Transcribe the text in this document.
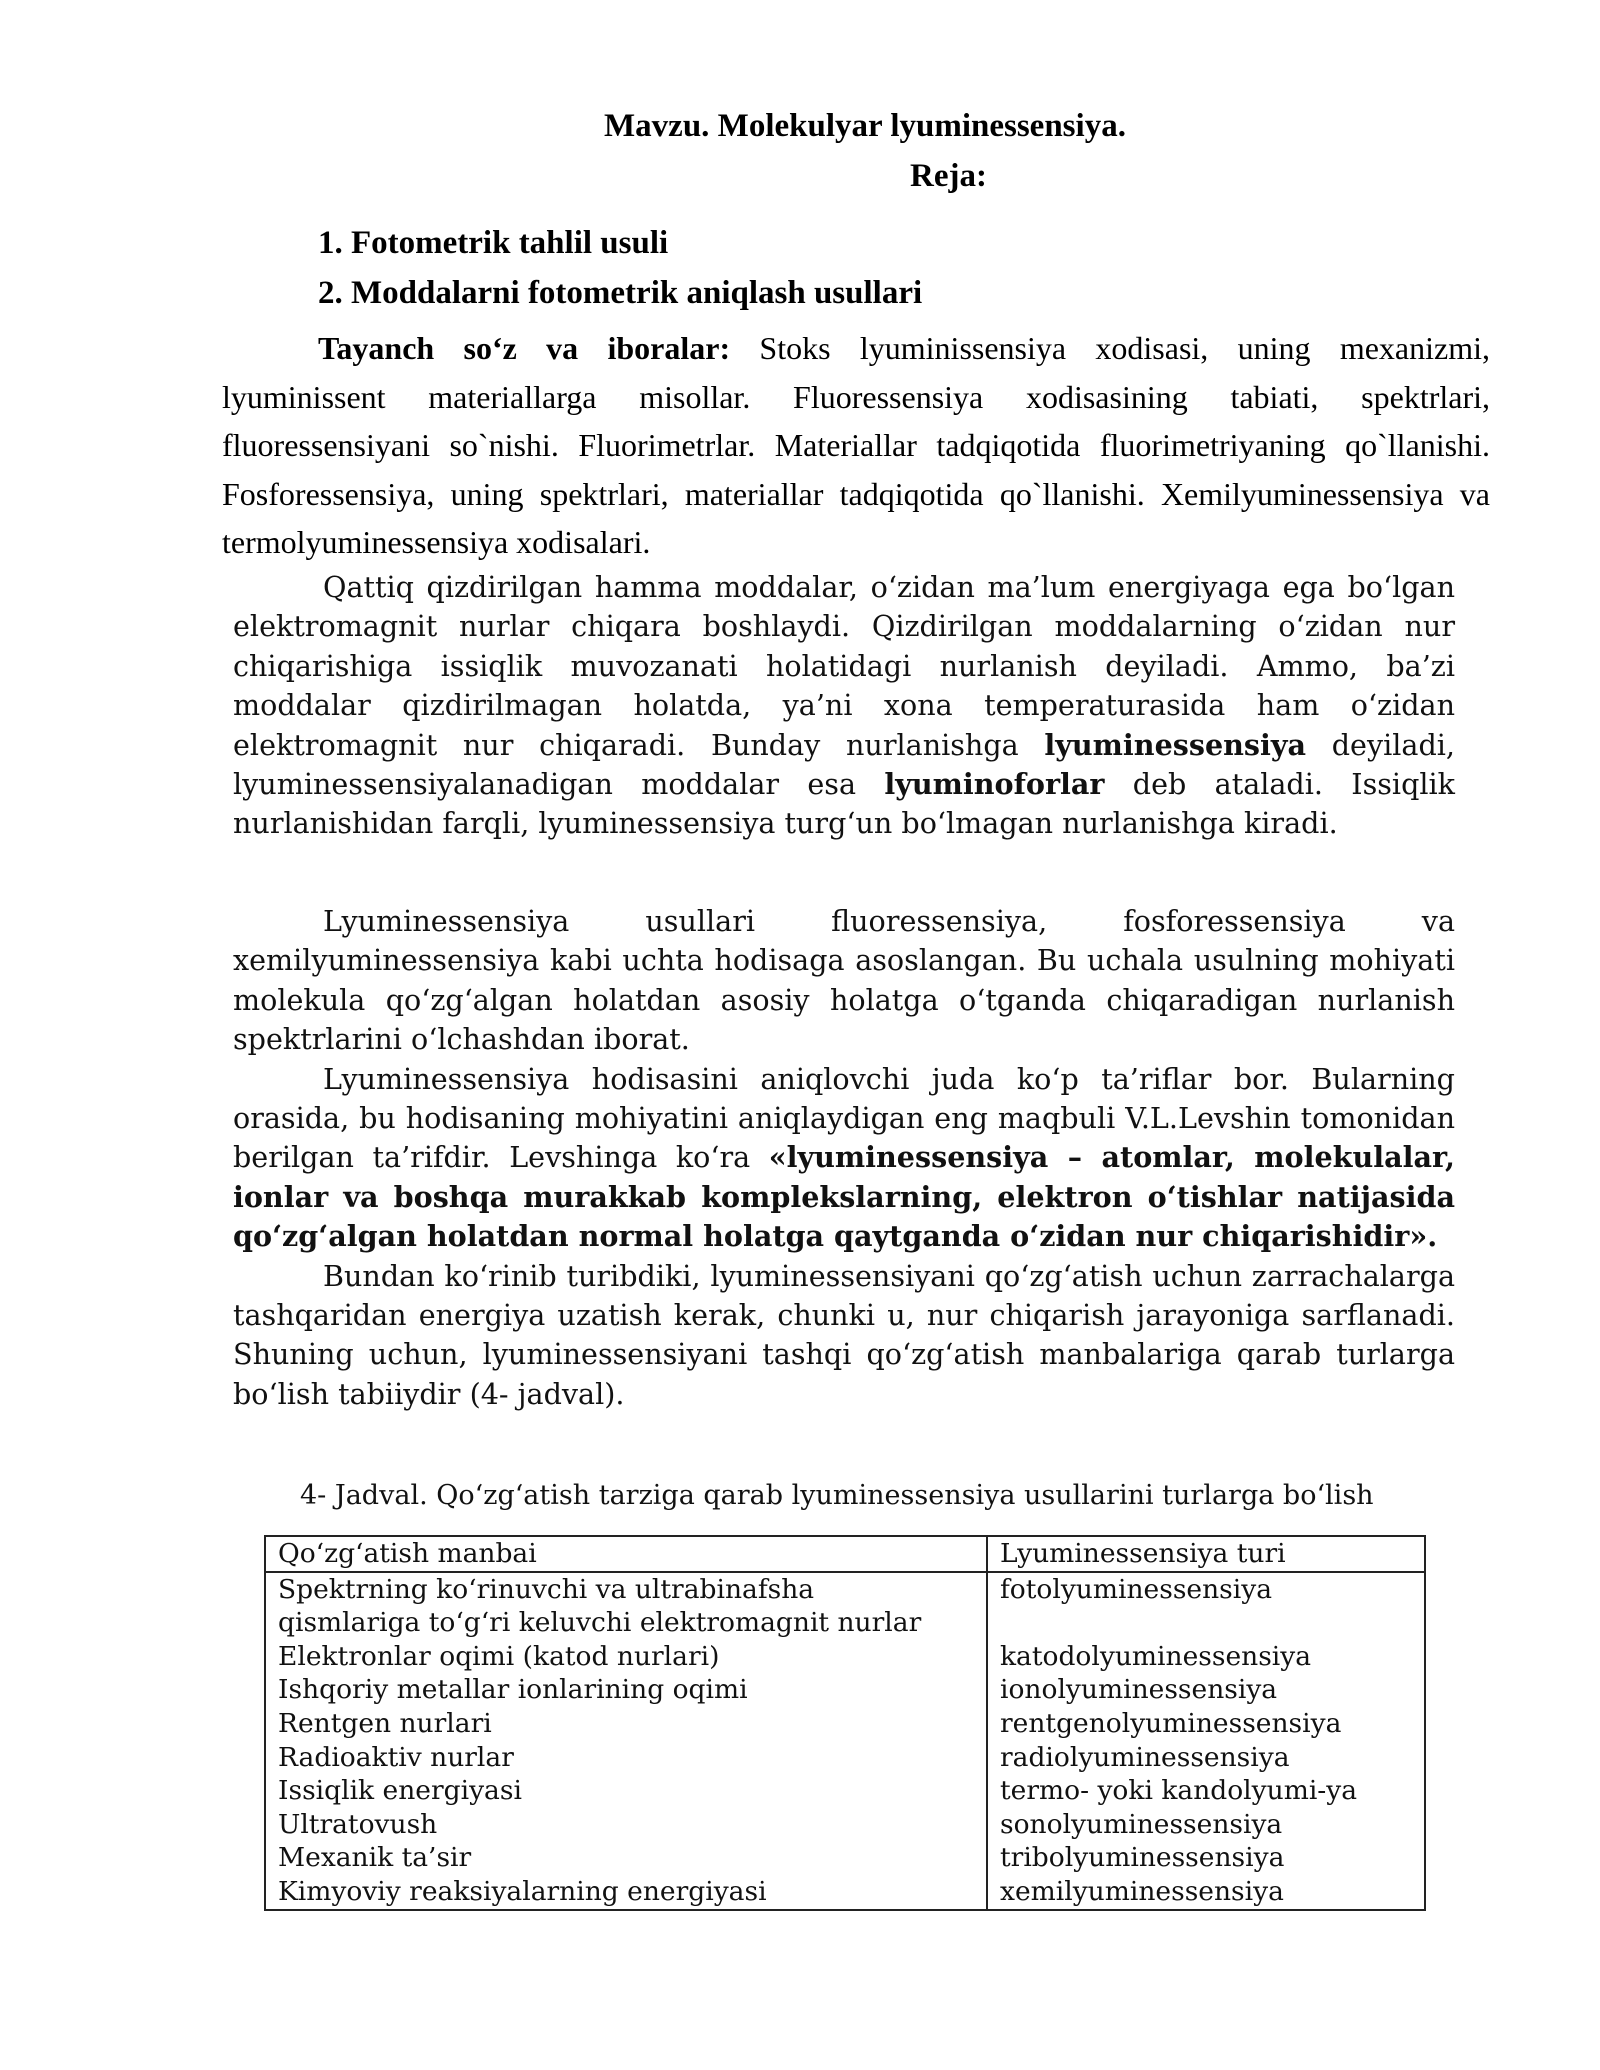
Mavzu. Molekulyar lyuminessensiya.
Reja:
1. Fotometrik tahlil usuli
2. Moddalarni fotometrik aniqlash usullari

Tayanch so‘z va iboralar: Stoks lyuminissensiya xodisasi, uning mexanizmi, lyuminissent materiallarga misollar. Fluoressensiya xodisasining tabiati, spektrlari, fluoressensiyani so`nishi. Fluorimetrlar. Materiallar tadqiqotida fluorimetriyaning qo`llanishi. Fosforessensiya, uning spektrlari, materiallar tadqiqotida qo`llanishi. Xemilyuminessensiya va termolyuminessensiya xodisalari.

Qattiq qizdirilgan hamma moddalar, o‘zidan ma’lum energiyaga ega bo‘lgan elektromagnit nurlar chiqara boshlaydi. Qizdirilgan moddalarning o‘zidan nur chiqarishiga issiqlik muvozanati holatidagi nurlanish deyiladi. Ammo, ba’zi moddalar qizdirilmagan holatda, ya’ni xona temperaturasida ham o‘zidan elektromagnit nur chiqaradi. Bunday nurlanishga lyuminessensiya deyiladi, lyuminessensiyalanadigan moddalar esa lyuminoforlar deb ataladi. Issiqlik nurlanishidan farqli, lyuminessensiya turg‘un bo‘lmagan nurlanishga kiradi.

Lyuminessensiya usullari fluoressensiya, fosforessensiya va xemilyuminessensiya kabi uchta hodisaga asoslangan. Bu uchala usulning mohiyati molekula qo‘zg‘algan holatdan asosiy holatga o‘tganda chiqaradigan nurlanish spektrlarini o‘lchashdan iborat.

Lyuminessensiya hodisasini aniqlovchi juda ko‘p ta’riflar bor. Bularning orasida, bu hodisaning mohiyatini aniqlaydigan eng maqbuli V.L.Levshin tomonidan berilgan ta’rifdir. Levshinga ko‘ra «lyuminessensiya – atomlar, molekulalar, ionlar va boshqa murakkab komplekslarning, elektron o‘tishlar natijasida qo‘zg‘algan holatdan normal holatga qaytganda o‘zidan nur chiqarishidir».

Bundan ko‘rinib turibdiki, lyuminessensiyani qo‘zg‘atish uchun zarrachalarga tashqaridan energiya uzatish kerak, chunki u, nur chiqarish jarayoniga sarflanadi. Shuning uchun, lyuminessensiyani tashqi qo‘zg‘atish manbalariga qarab turlarga bo‘lish tabiiydir (4- jadval).

4- Jadval. Qo‘zg‘atish tarziga qarab lyuminessensiya usullarini turlarga bo‘lish
Qo‘zg‘atish manbai	Lyuminessensiya turi
Spektrning ko‘rinuvchi va ultrabinafsha	fotolyuminessensiya
qismlariga to‘g‘ri keluvchi elektromagnit nurlar	
Elektronlar oqimi (katod nurlari)	katodolyuminessensiya
Ishqoriy metallar ionlarining oqimi	ionolyuminessensiya
Rentgen nurlari	rentgenolyuminessensiya
Radioaktiv nurlar	radiolyuminessensiya
Issiqlik energiyasi	termo- yoki kandolyumi-ya
Ultratovush	sonolyuminessensiya
Mexanik ta’sir	tribolyuminessensiya
Kimyoviy reaksiyalarning energiyasi	xemilyuminessensiya
